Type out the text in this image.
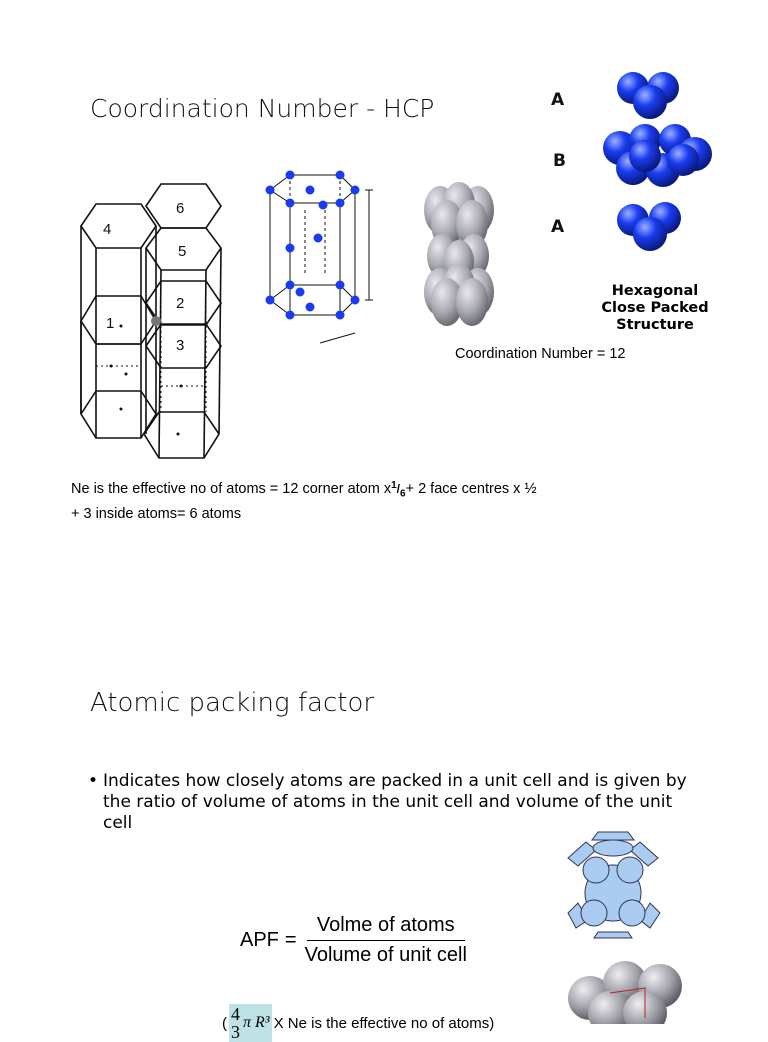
Coordination Number - HCP
6
4
5
2
1
3
A
B
A
Hexagonal
Close Packed
Structure
Coordination Number = 12
Ne is the effective no of atoms = 12 corner atom $x^1/_6+ 2$ face centres x ½
+ 3 inside atoms= 6 atoms
Atomic packing factor
• Indicates how closely atoms are packed in a unit cell and is given by the ratio of volume of atoms in the unit cell and volume of the unit cell
APF = $\frac{\text{Volme of atoms}}{\text{Volume of unit cell}}$
( 4
3 π R³ X Ne is the effective no of atoms)
